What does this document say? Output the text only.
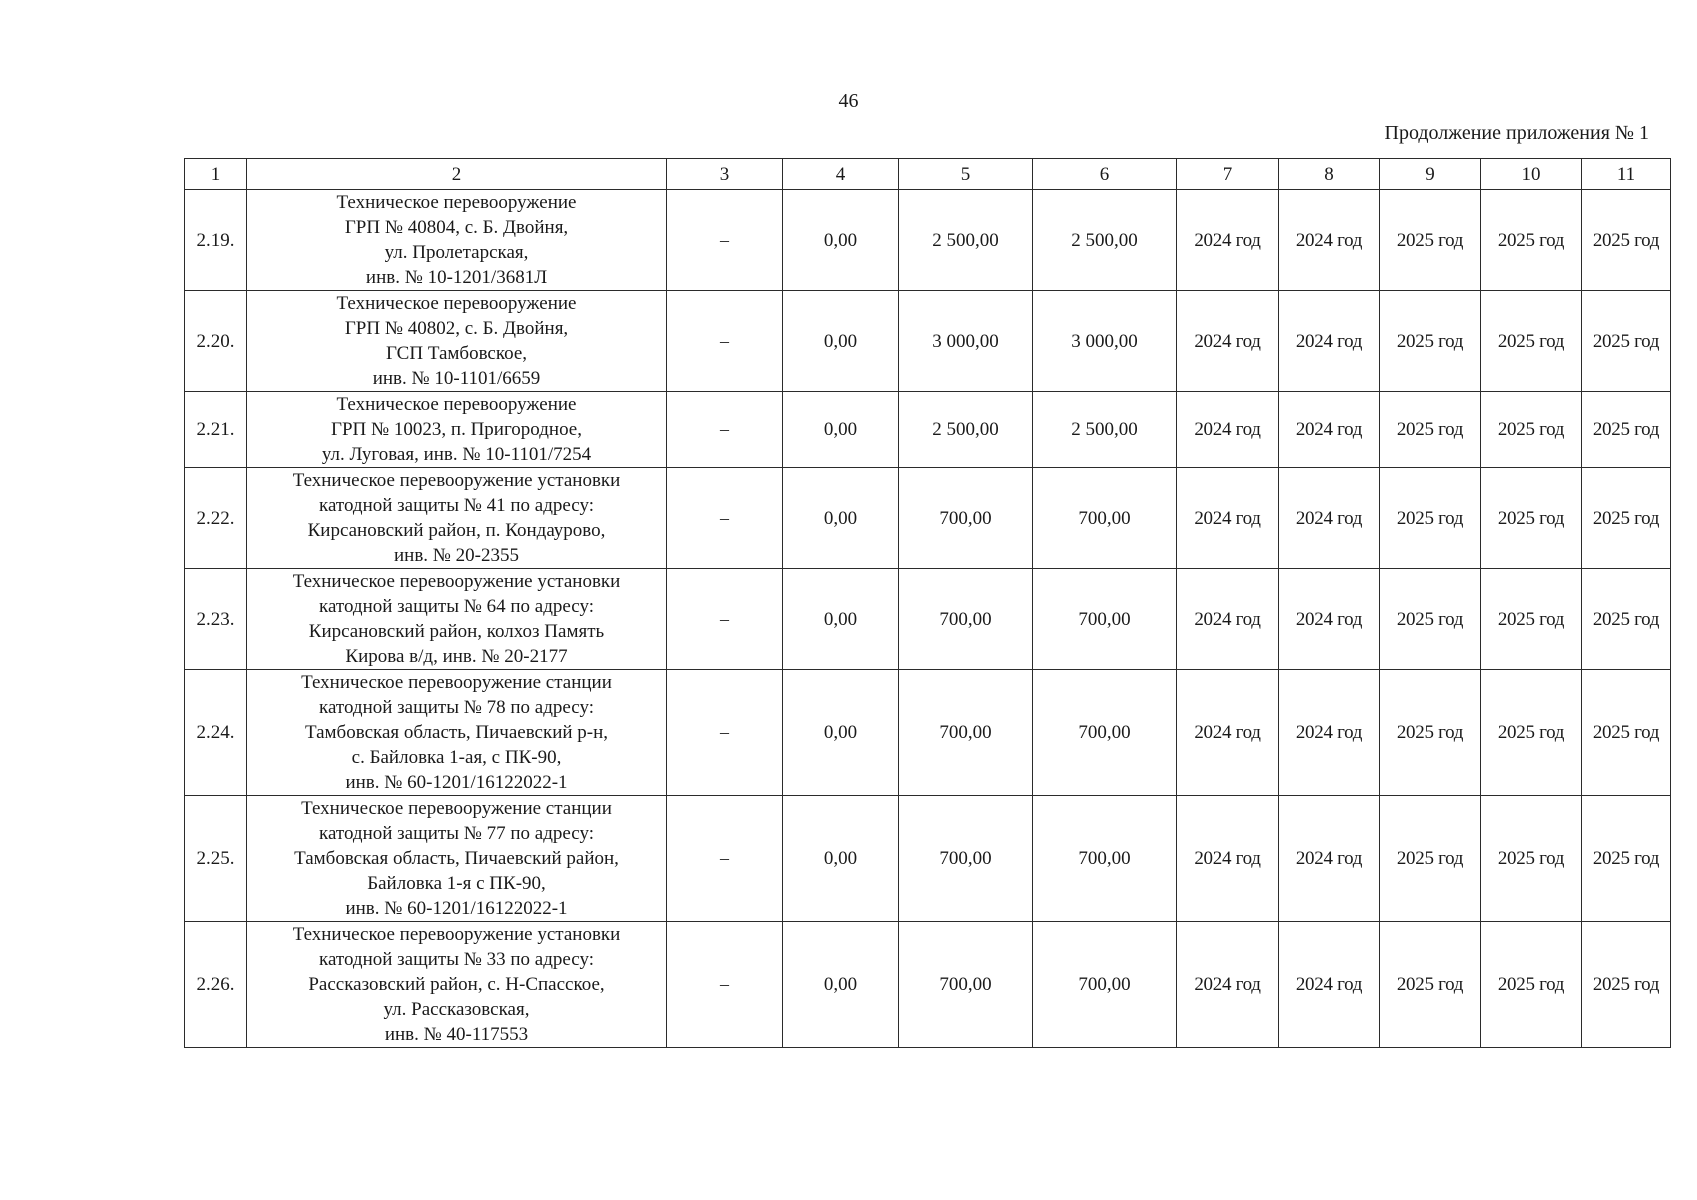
46
Продолжение приложения № 1
1	2	3	4	5	6	7	8	9	10	11
2.19.	Техническое перевооружение
ГРП № 40804, с. Б. Двойня,
ул. Пролетарская,
инв. № 10-1201/3681Л	–	0,00	2 500,00	2 500,00	2024 год	2024 год	2025 год	2025 год	2025 год
2.20.	Техническое перевооружение
ГРП № 40802, с. Б. Двойня,
ГСП Тамбовское,
инв. № 10-1101/6659	–	0,00	3 000,00	3 000,00	2024 год	2024 год	2025 год	2025 год	2025 год
2.21.	Техническое перевооружение
ГРП № 10023, п. Пригородное,
ул. Луговая, инв. № 10-1101/7254	–	0,00	2 500,00	2 500,00	2024 год	2024 год	2025 год	2025 год	2025 год
2.22.	Техническое перевооружение установки
катодной защиты № 41 по адресу:
Кирсановский район, п. Кондаурово,
инв. № 20-2355	–	0,00	700,00	700,00	2024 год	2024 год	2025 год	2025 год	2025 год
2.23.	Техническое перевооружение установки
катодной защиты № 64 по адресу:
Кирсановский район, колхоз Память
Кирова в/д, инв. № 20-2177	–	0,00	700,00	700,00	2024 год	2024 год	2025 год	2025 год	2025 год
2.24.	Техническое перевооружение станции
катодной защиты № 78 по адресу:
Тамбовская область, Пичаевский р-н,
с. Байловка 1-ая, с ПК-90,
инв. № 60-1201/16122022-1	–	0,00	700,00	700,00	2024 год	2024 год	2025 год	2025 год	2025 год
2.25.	Техническое перевооружение станции
катодной защиты № 77 по адресу:
Тамбовская область, Пичаевский район,
Байловка 1-я с ПК-90,
инв. № 60-1201/16122022-1	–	0,00	700,00	700,00	2024 год	2024 год	2025 год	2025 год	2025 год
2.26.	Техническое перевооружение установки
катодной защиты № 33 по адресу:
Рассказовский район, с. Н-Спасское,
ул. Рассказовская,
инв. № 40-117553	–	0,00	700,00	700,00	2024 год	2024 год	2025 год	2025 год	2025 год
